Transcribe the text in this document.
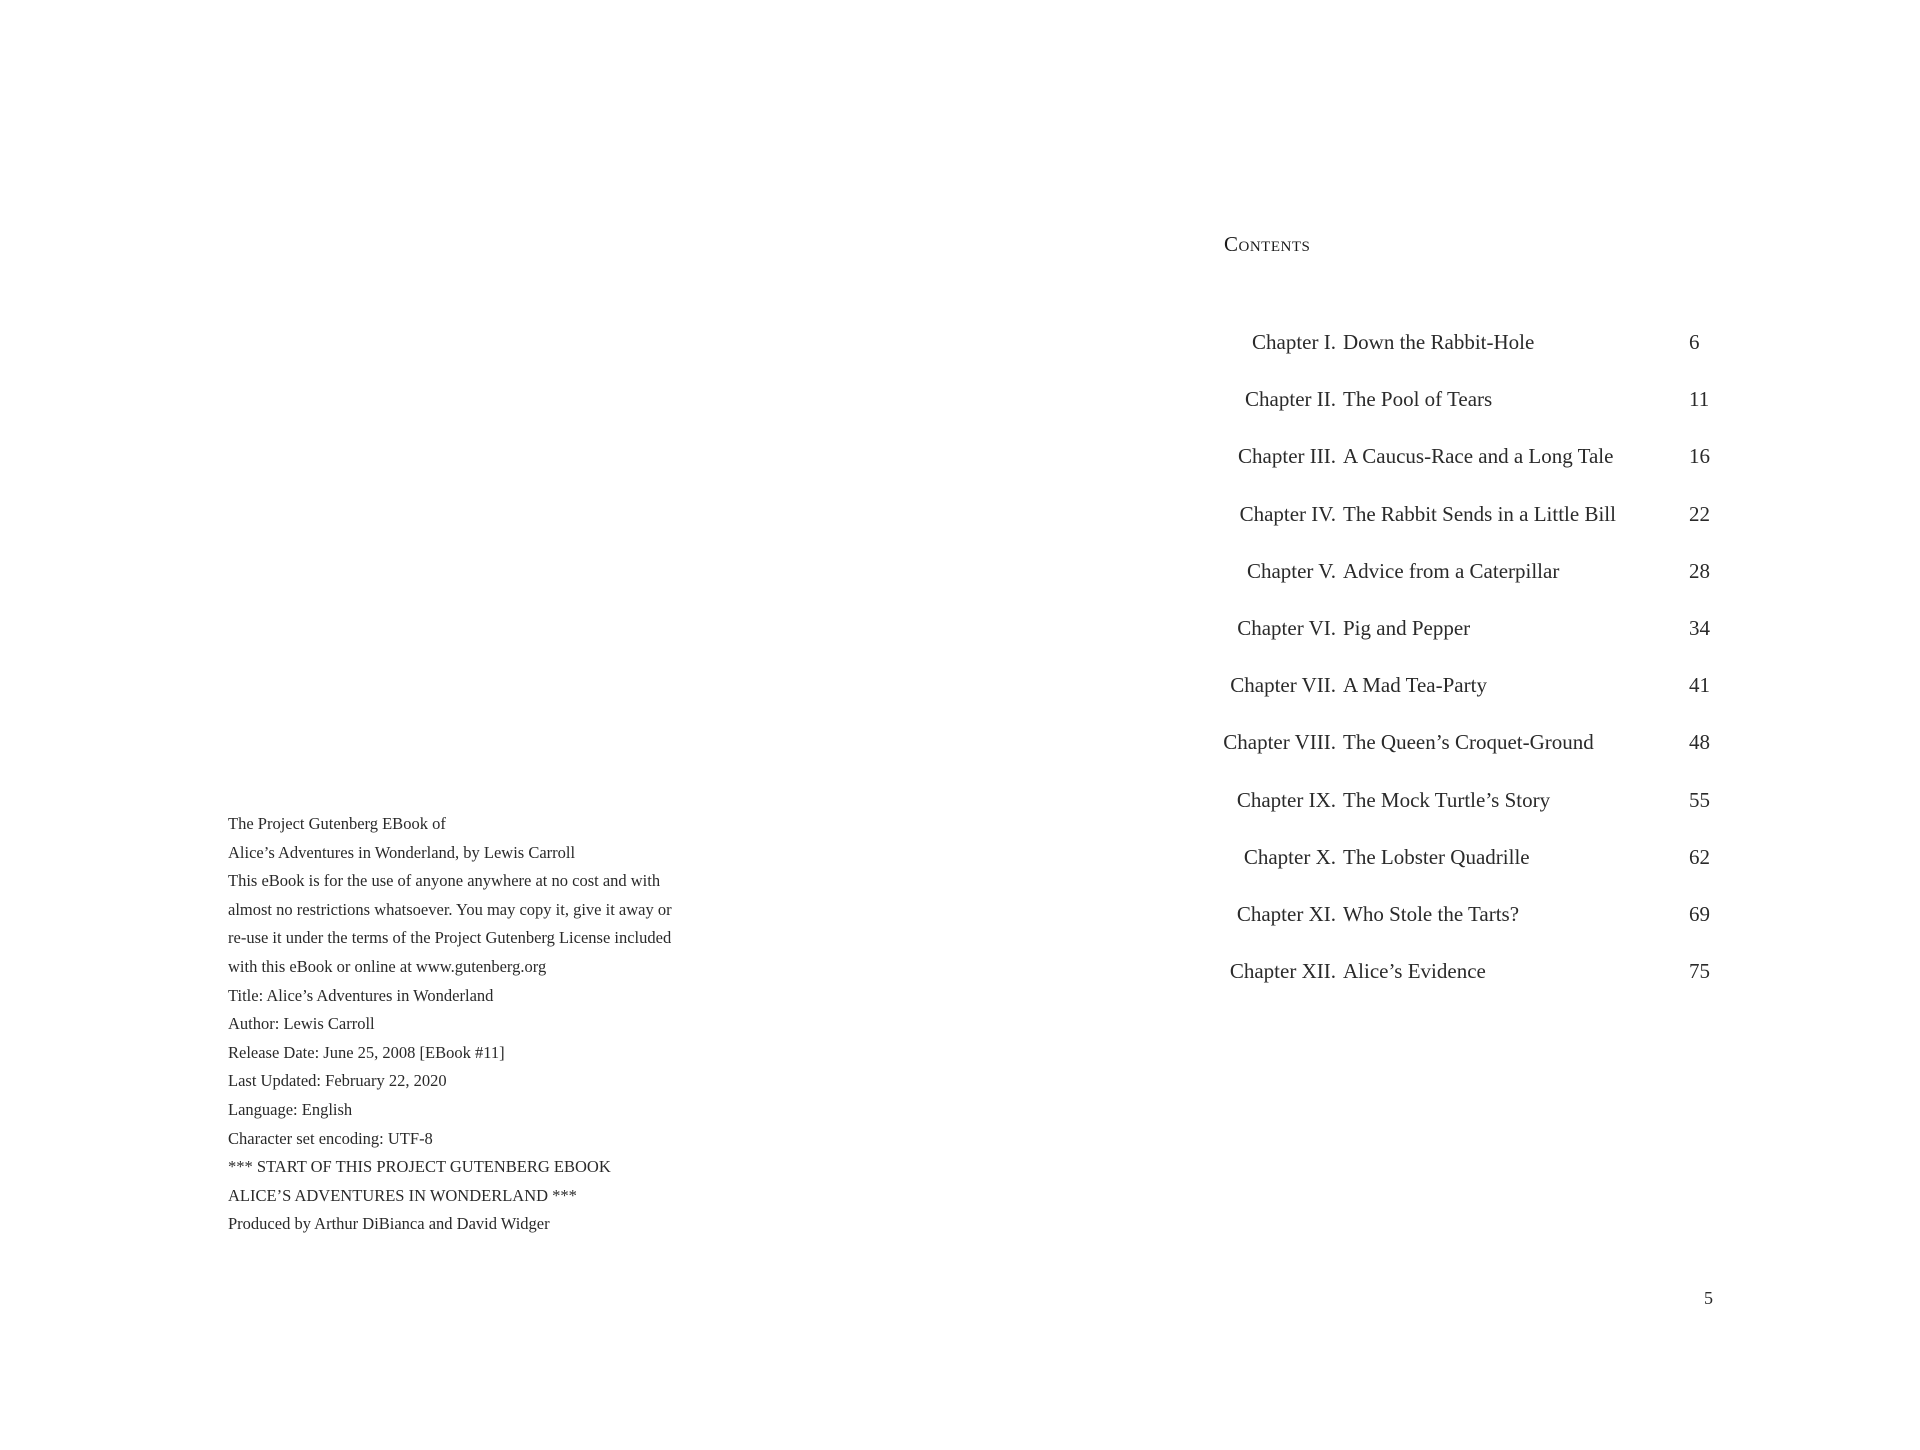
The Project Gutenberg EBook of
Alice’s Adventures in Wonderland, by Lewis Carroll
This eBook is for the use of anyone anywhere at no cost and with
almost no restrictions whatsoever. You may copy it, give it away or
re-use it under the terms of the Project Gutenberg License included
with this eBook or online at www.gutenberg.org
Title: Alice’s Adventures in Wonderland
Author: Lewis Carroll
Release Date: June 25, 2008 [EBook #11]
Last Updated: February 22, 2020
Language: English
Character set encoding: UTF-8
*** START OF THIS PROJECT GUTENBERG EBOOK
ALICE’S ADVENTURES IN WONDERLAND ***
Produced by Arthur DiBianca and David Widger
Contents
Chapter I. Down the Rabbit-Hole	6
Chapter II. The Pool of Tears	11
Chapter III. A Caucus-Race and a Long Tale	16
Chapter IV. The Rabbit Sends in a Little Bill	22
Chapter V. Advice from a Caterpillar	28
Chapter VI. Pig and Pepper	34
Chapter VII. A Mad Tea-Party	41
Chapter VIII. The Queen’s Croquet-Ground	48
Chapter IX. The Mock Turtle’s Story	55
Chapter X. The Lobster Quadrille	62
Chapter XI. Who Stole the Tarts?	69
Chapter XII. Alice’s Evidence	75
5
